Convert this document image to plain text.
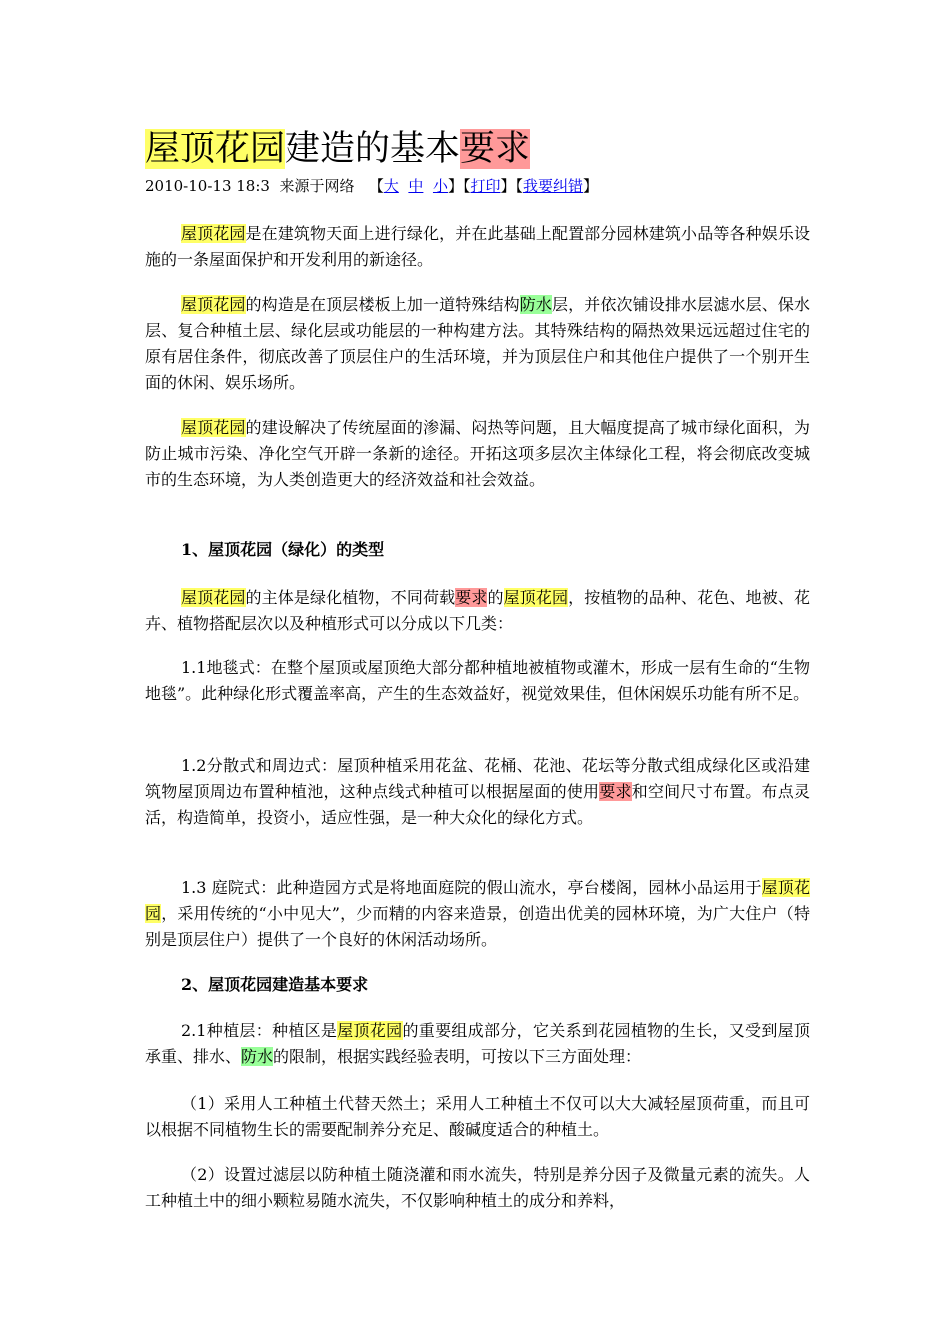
屋顶花园建造的基本要求
2010-10-13 18:3 来源于网络 【大 中 小】【打印】【我要纠错】

屋顶花园是在建筑物天面上进行绿化，并在此基础上配置部分园林建筑小品等各种娱乐设施的一条屋面保护和开发利用的新途径。

屋顶花园的构造是在顶层楼板上加一道特殊结构防水层，并依次铺设排水层滤水层、保水层、复合种植土层、绿化层或功能层的一种构建方法。其特殊结构的隔热效果远远超过住宅的原有居住条件，彻底改善了顶层住户的生活环境，并为顶层住户和其他住户提供了一个别开生面的休闲、娱乐场所。

屋顶花园的建设解决了传统屋面的渗漏、闷热等问题，且大幅度提高了城市绿化面积，为防止城市污染、净化空气开辟一条新的途径。开拓这项多层次主体绿化工程，将会彻底改变城市的生态环境，为人类创造更大的经济效益和社会效益。

1、屋顶花园（绿化）的类型

屋顶花园的主体是绿化植物，不同荷载要求的屋顶花园，按植物的品种、花色、地被、花卉、植物搭配层次以及种植形式可以分成以下几类：

1.1地毯式：在整个屋顶或屋顶绝大部分都种植地被植物或灌木，形成一层有生命的“生物地毯”。此种绿化形式覆盖率高，产生的生态效益好，视觉效果佳，但休闲娱乐功能有所不足。

1.2分散式和周边式：屋顶种植采用花盆、花桶、花池、花坛等分散式组成绿化区或沿建筑物屋顶周边布置种植池，这种点线式种植可以根据屋面的使用要求和空间尺寸布置。布点灵活，构造简单，投资小，适应性强，是一种大众化的绿化方式。

1.3 庭院式：此种造园方式是将地面庭院的假山流水，亭台楼阁，园林小品运用于屋顶花园，采用传统的“小中见大”，少而精的内容来造景，创造出优美的园林环境，为广大住户（特别是顶层住户）提供了一个良好的休闲活动场所。

2、屋顶花园建造基本要求

2.1种植层：种植区是屋顶花园的重要组成部分，它关系到花园植物的生长，又受到屋顶承重、排水、防水的限制，根据实践经验表明，可按以下三方面处理：

（1）采用人工种植土代替天然土；采用人工种植土不仅可以大大减轻屋顶荷重，而且可以根据不同植物生长的需要配制养分充足、酸碱度适合的种植土。

（2）设置过滤层以防种植土随浇灌和雨水流失，特别是养分因子及微量元素的流失。人工种植土中的细小颗粒易随水流失，不仅影响种植土的成分和养料，
